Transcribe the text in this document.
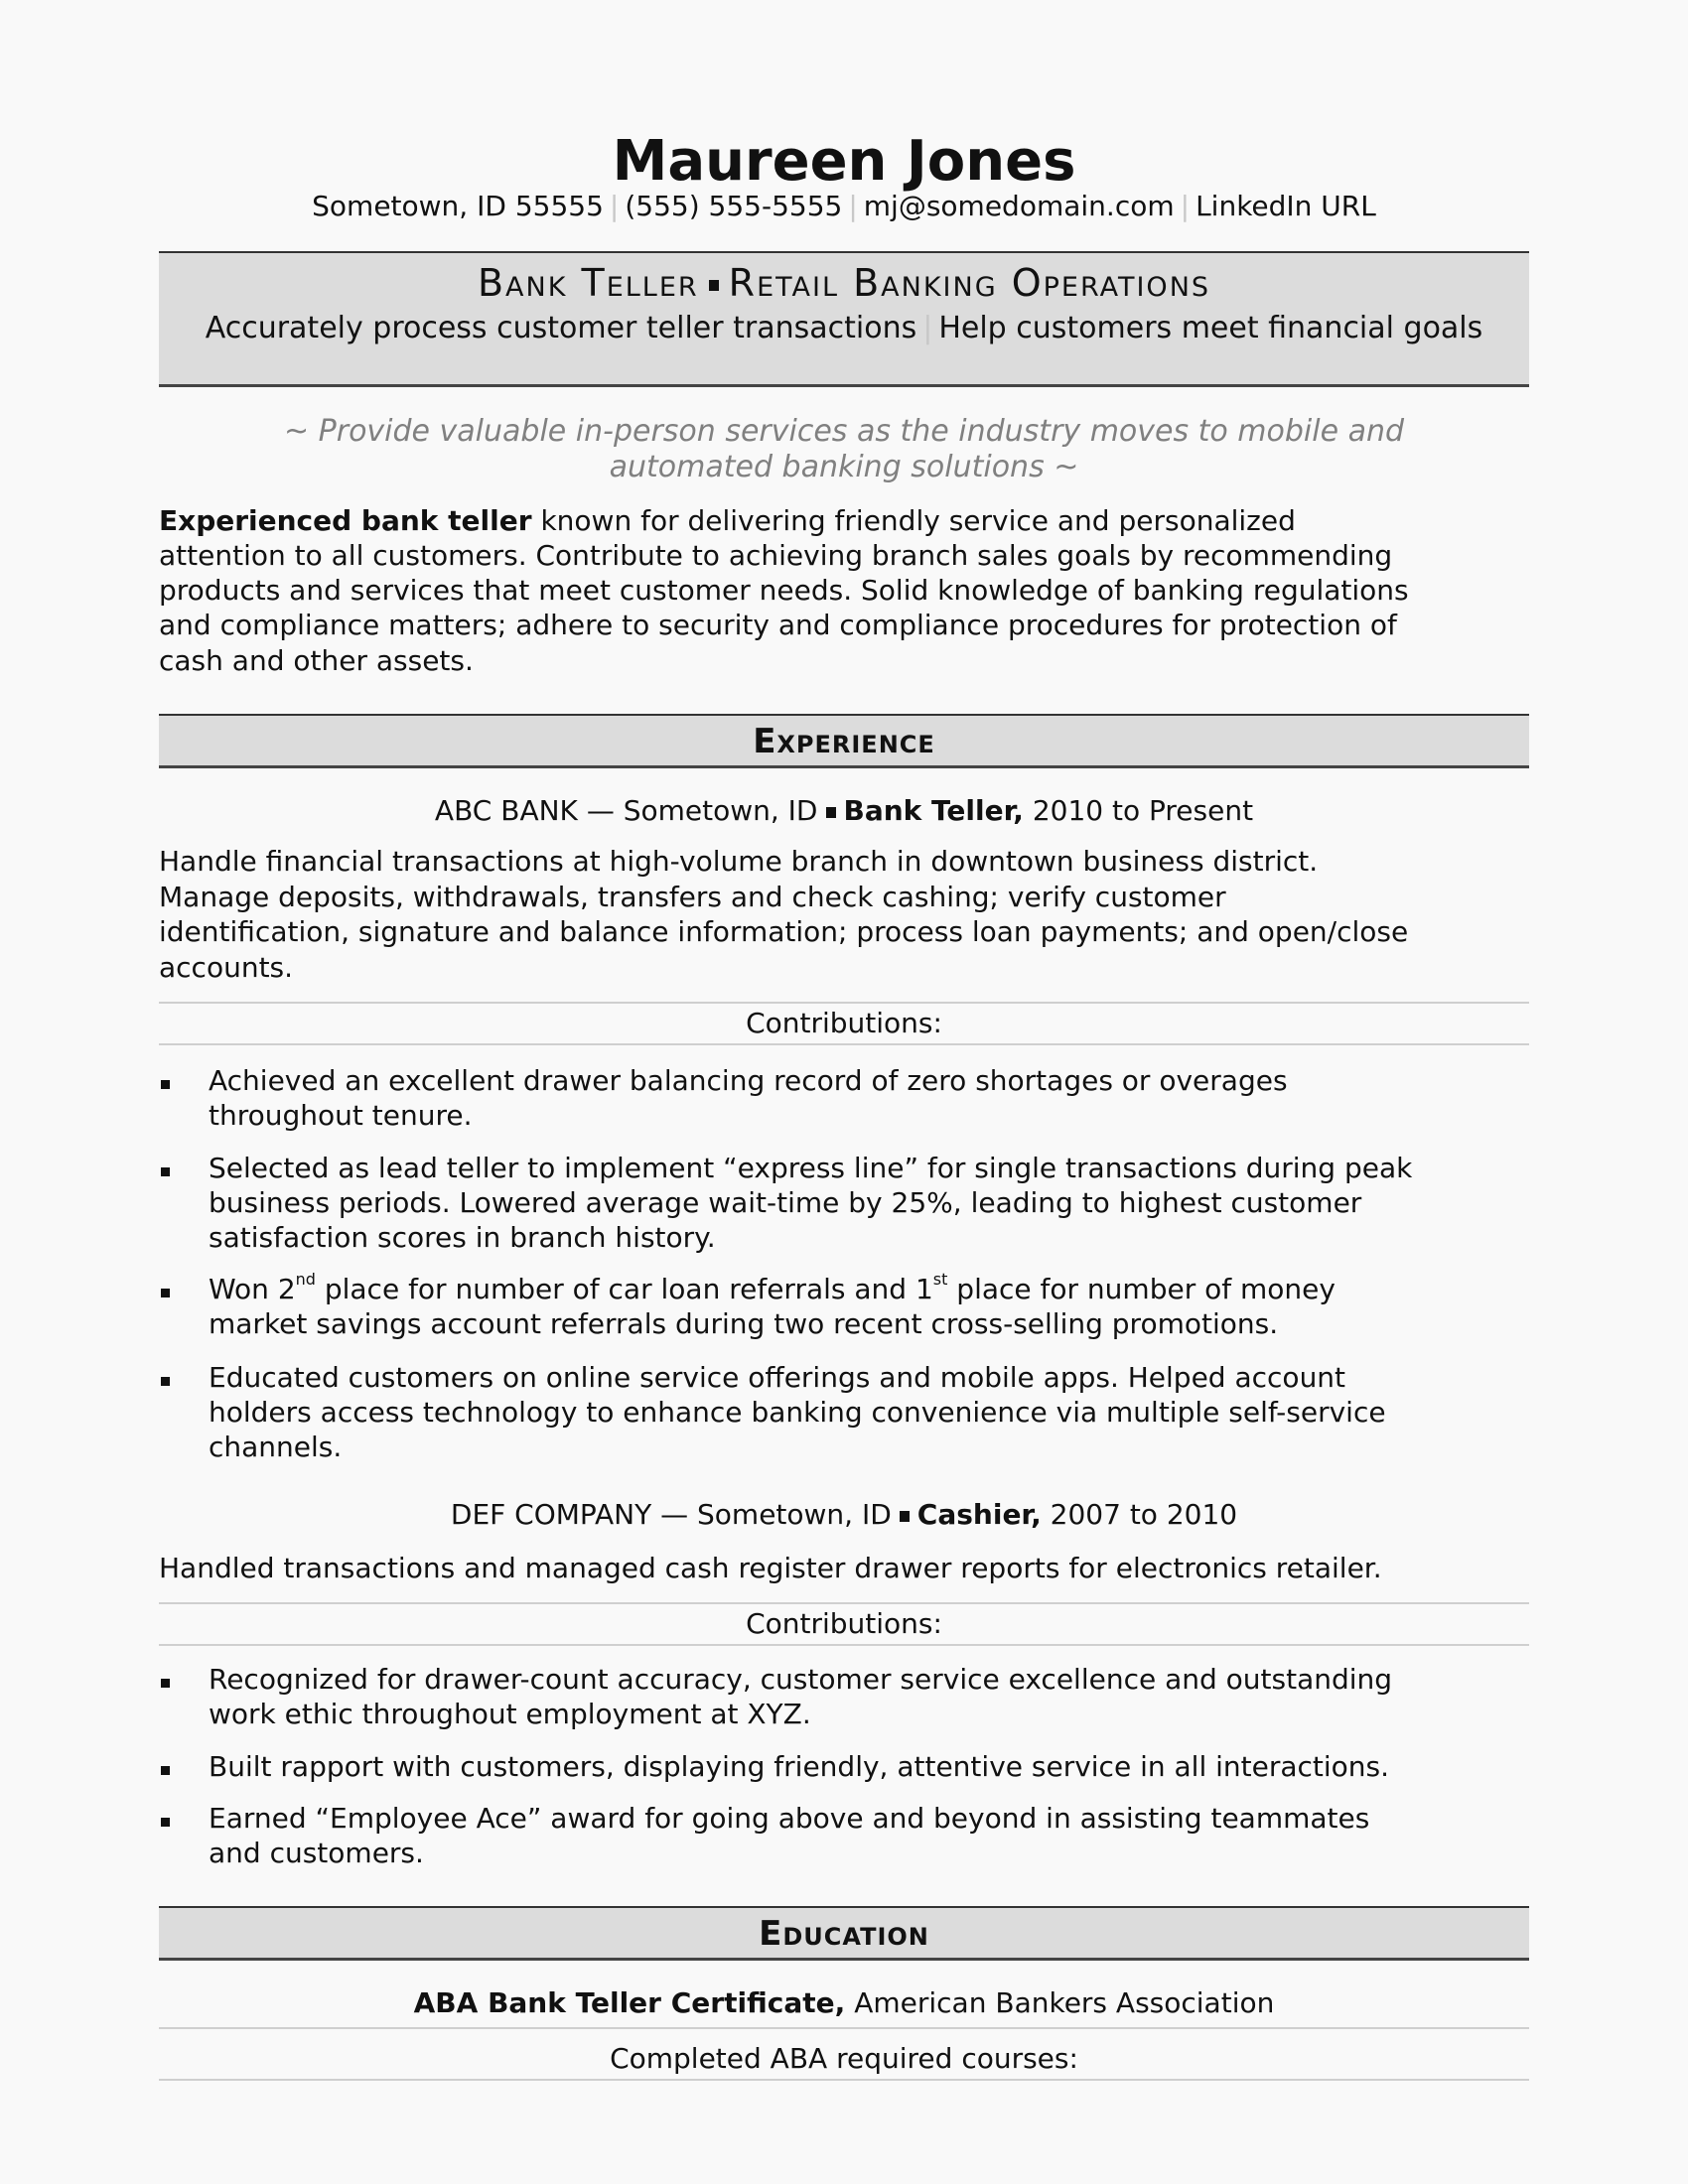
Maureen Jones
Sometown, ID 55555 | (555) 555-5555 | mj@somedomain.com | LinkedIn URL
Bank Teller Retail Banking Operations
Accurately process customer teller transactions | Help customers meet financial goals
~ Provide valuable in-person services as the industry moves to mobile and
automated banking solutions ~
Experienced bank teller known for delivering friendly service and personalized
attention to all customers. Contribute to achieving branch sales goals by recommending
products and services that meet customer needs. Solid knowledge of banking regulations
and compliance matters; adhere to security and compliance procedures for protection of
cash and other assets.
Experience
ABC BANK — Sometown, ID Bank Teller, 2010 to Present
Handle financial transactions at high-volume branch in downtown business district.
Manage deposits, withdrawals, transfers and check cashing; verify customer
identification, signature and balance information; process loan payments; and open/close
accounts.
Contributions:
Achieved an excellent drawer balancing record of zero shortages or overages
throughout tenure.
Selected as lead teller to implement “express line” for single transactions during peak
business periods. Lowered average wait-time by 25%, leading to highest customer
satisfaction scores in branch history.
Won 2nd place for number of car loan referrals and 1st place for number of money
market savings account referrals during two recent cross-selling promotions.
Educated customers on online service offerings and mobile apps. Helped account
holders access technology to enhance banking convenience via multiple self-service
channels.
DEF COMPANY — Sometown, ID Cashier, 2007 to 2010
Handled transactions and managed cash register drawer reports for electronics retailer.
Contributions:
Recognized for drawer-count accuracy, customer service excellence and outstanding
work ethic throughout employment at XYZ.
Built rapport with customers, displaying friendly, attentive service in all interactions.
Earned “Employee Ace” award for going above and beyond in assisting teammates
and customers.
Education
ABA Bank Teller Certificate, American Bankers Association
Completed ABA required courses:
